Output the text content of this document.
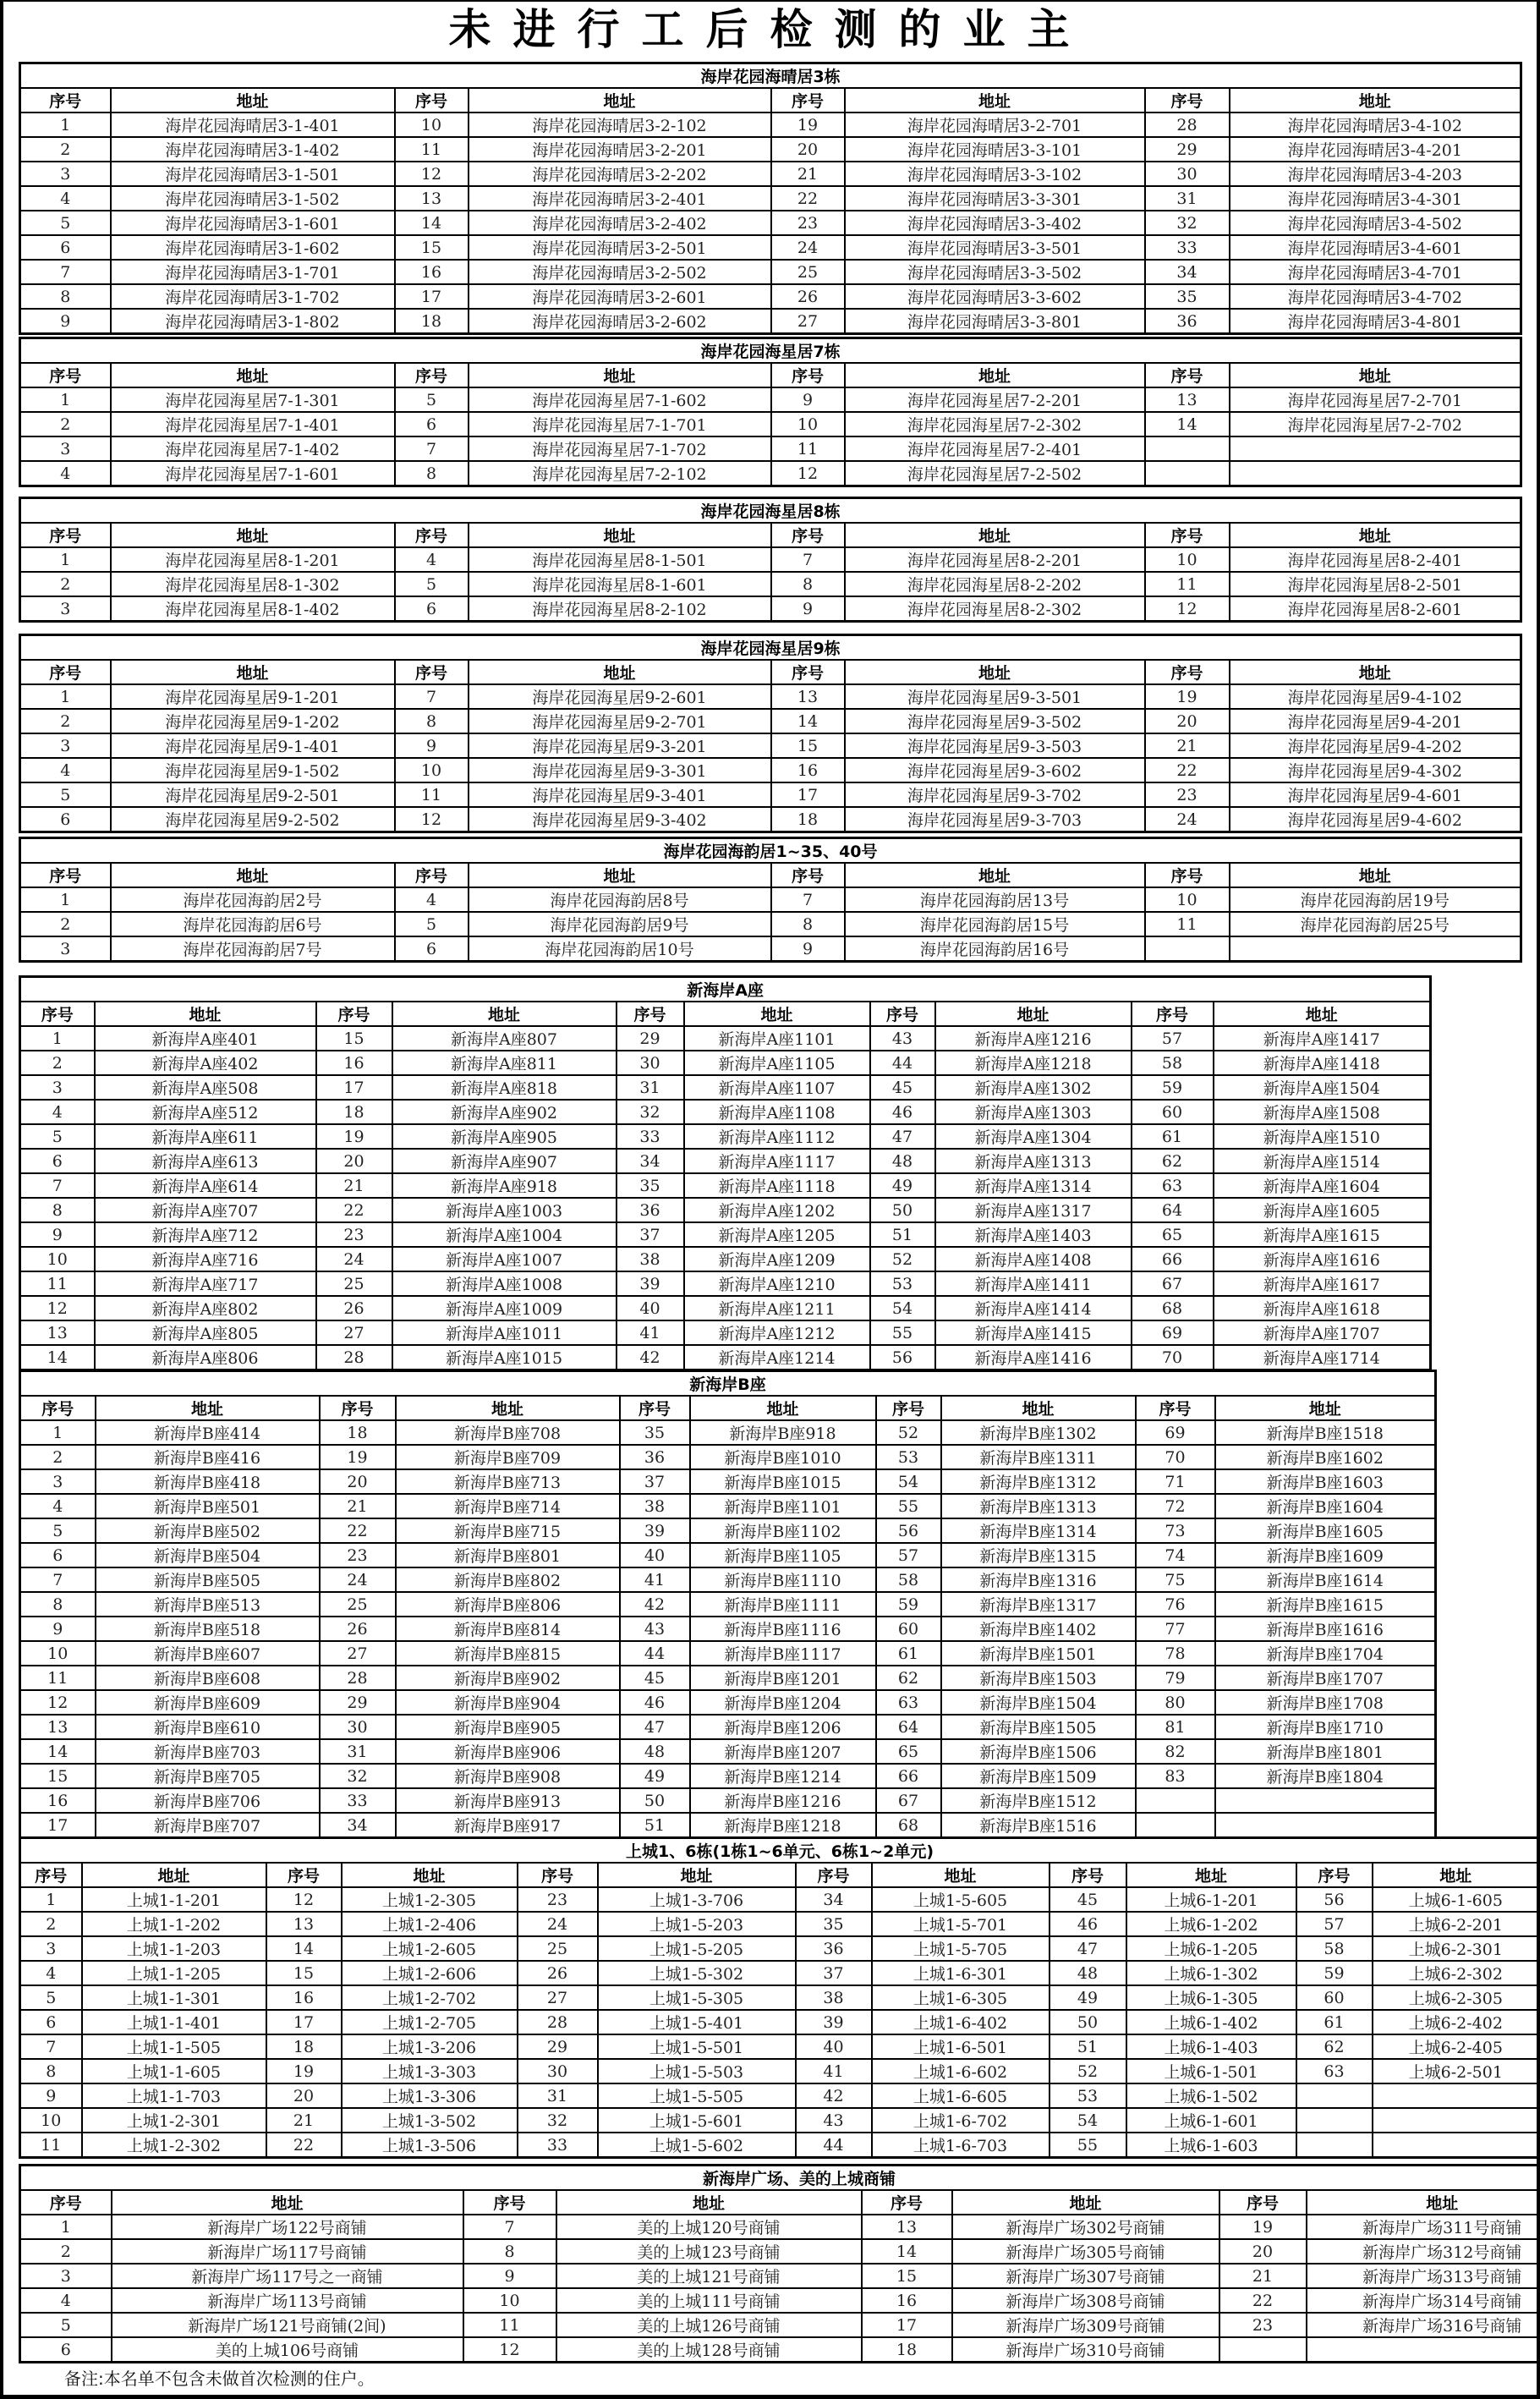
未进行工后检测的业主
海岸花园海晴居3栋							
序号	地址	序号	地址	序号	地址	序号	地址
1	海岸花园海晴居3-1-401	10	海岸花园海晴居3-2-102	19	海岸花园海晴居3-2-701	28	海岸花园海晴居3-4-102
2	海岸花园海晴居3-1-402	11	海岸花园海晴居3-2-201	20	海岸花园海晴居3-3-101	29	海岸花园海晴居3-4-201
3	海岸花园海晴居3-1-501	12	海岸花园海晴居3-2-202	21	海岸花园海晴居3-3-102	30	海岸花园海晴居3-4-203
4	海岸花园海晴居3-1-502	13	海岸花园海晴居3-2-401	22	海岸花园海晴居3-3-301	31	海岸花园海晴居3-4-301
5	海岸花园海晴居3-1-601	14	海岸花园海晴居3-2-402	23	海岸花园海晴居3-3-402	32	海岸花园海晴居3-4-502
6	海岸花园海晴居3-1-602	15	海岸花园海晴居3-2-501	24	海岸花园海晴居3-3-501	33	海岸花园海晴居3-4-601
7	海岸花园海晴居3-1-701	16	海岸花园海晴居3-2-502	25	海岸花园海晴居3-3-502	34	海岸花园海晴居3-4-701
8	海岸花园海晴居3-1-702	17	海岸花园海晴居3-2-601	26	海岸花园海晴居3-3-602	35	海岸花园海晴居3-4-702
9	海岸花园海晴居3-1-802	18	海岸花园海晴居3-2-602	27	海岸花园海晴居3-3-801	36	海岸花园海晴居3-4-801
海岸花园海星居7栋							
序号	地址	序号	地址	序号	地址	序号	地址
1	海岸花园海星居7-1-301	5	海岸花园海星居7-1-602	9	海岸花园海星居7-2-201	13	海岸花园海星居7-2-701
2	海岸花园海星居7-1-401	6	海岸花园海星居7-1-701	10	海岸花园海星居7-2-302	14	海岸花园海星居7-2-702
3	海岸花园海星居7-1-402	7	海岸花园海星居7-1-702	11	海岸花园海星居7-2-401		
4	海岸花园海星居7-1-601	8	海岸花园海星居7-2-102	12	海岸花园海星居7-2-502		
海岸花园海星居8栋							
序号	地址	序号	地址	序号	地址	序号	地址
1	海岸花园海星居8-1-201	4	海岸花园海星居8-1-501	7	海岸花园海星居8-2-201	10	海岸花园海星居8-2-401
2	海岸花园海星居8-1-302	5	海岸花园海星居8-1-601	8	海岸花园海星居8-2-202	11	海岸花园海星居8-2-501
3	海岸花园海星居8-1-402	6	海岸花园海星居8-2-102	9	海岸花园海星居8-2-302	12	海岸花园海星居8-2-601
海岸花园海星居9栋							
序号	地址	序号	地址	序号	地址	序号	地址
1	海岸花园海星居9-1-201	7	海岸花园海星居9-2-601	13	海岸花园海星居9-3-501	19	海岸花园海星居9-4-102
2	海岸花园海星居9-1-202	8	海岸花园海星居9-2-701	14	海岸花园海星居9-3-502	20	海岸花园海星居9-4-201
3	海岸花园海星居9-1-401	9	海岸花园海星居9-3-201	15	海岸花园海星居9-3-503	21	海岸花园海星居9-4-202
4	海岸花园海星居9-1-502	10	海岸花园海星居9-3-301	16	海岸花园海星居9-3-602	22	海岸花园海星居9-4-302
5	海岸花园海星居9-2-501	11	海岸花园海星居9-3-401	17	海岸花园海星居9-3-702	23	海岸花园海星居9-4-601
6	海岸花园海星居9-2-502	12	海岸花园海星居9-3-402	18	海岸花园海星居9-3-703	24	海岸花园海星居9-4-602
海岸花园海韵居1~35、40号							
序号	地址	序号	地址	序号	地址	序号	地址
1	海岸花园海韵居2号	4	海岸花园海韵居8号	7	海岸花园海韵居13号	10	海岸花园海韵居19号
2	海岸花园海韵居6号	5	海岸花园海韵居9号	8	海岸花园海韵居15号	11	海岸花园海韵居25号
3	海岸花园海韵居7号	6	海岸花园海韵居10号	9	海岸花园海韵居16号		
新海岸A座									
序号	地址	序号	地址	序号	地址	序号	地址	序号	地址
1	新海岸A座401	15	新海岸A座807	29	新海岸A座1101	43	新海岸A座1216	57	新海岸A座1417
2	新海岸A座402	16	新海岸A座811	30	新海岸A座1105	44	新海岸A座1218	58	新海岸A座1418
3	新海岸A座508	17	新海岸A座818	31	新海岸A座1107	45	新海岸A座1302	59	新海岸A座1504
4	新海岸A座512	18	新海岸A座902	32	新海岸A座1108	46	新海岸A座1303	60	新海岸A座1508
5	新海岸A座611	19	新海岸A座905	33	新海岸A座1112	47	新海岸A座1304	61	新海岸A座1510
6	新海岸A座613	20	新海岸A座907	34	新海岸A座1117	48	新海岸A座1313	62	新海岸A座1514
7	新海岸A座614	21	新海岸A座918	35	新海岸A座1118	49	新海岸A座1314	63	新海岸A座1604
8	新海岸A座707	22	新海岸A座1003	36	新海岸A座1202	50	新海岸A座1317	64	新海岸A座1605
9	新海岸A座712	23	新海岸A座1004	37	新海岸A座1205	51	新海岸A座1403	65	新海岸A座1615
10	新海岸A座716	24	新海岸A座1007	38	新海岸A座1209	52	新海岸A座1408	66	新海岸A座1616
11	新海岸A座717	25	新海岸A座1008	39	新海岸A座1210	53	新海岸A座1411	67	新海岸A座1617
12	新海岸A座802	26	新海岸A座1009	40	新海岸A座1211	54	新海岸A座1414	68	新海岸A座1618
13	新海岸A座805	27	新海岸A座1011	41	新海岸A座1212	55	新海岸A座1415	69	新海岸A座1707
14	新海岸A座806	28	新海岸A座1015	42	新海岸A座1214	56	新海岸A座1416	70	新海岸A座1714
新海岸B座									
序号	地址	序号	地址	序号	地址	序号	地址	序号	地址
1	新海岸B座414	18	新海岸B座708	35	新海岸B座918	52	新海岸B座1302	69	新海岸B座1518
2	新海岸B座416	19	新海岸B座709	36	新海岸B座1010	53	新海岸B座1311	70	新海岸B座1602
3	新海岸B座418	20	新海岸B座713	37	新海岸B座1015	54	新海岸B座1312	71	新海岸B座1603
4	新海岸B座501	21	新海岸B座714	38	新海岸B座1101	55	新海岸B座1313	72	新海岸B座1604
5	新海岸B座502	22	新海岸B座715	39	新海岸B座1102	56	新海岸B座1314	73	新海岸B座1605
6	新海岸B座504	23	新海岸B座801	40	新海岸B座1105	57	新海岸B座1315	74	新海岸B座1609
7	新海岸B座505	24	新海岸B座802	41	新海岸B座1110	58	新海岸B座1316	75	新海岸B座1614
8	新海岸B座513	25	新海岸B座806	42	新海岸B座1111	59	新海岸B座1317	76	新海岸B座1615
9	新海岸B座518	26	新海岸B座814	43	新海岸B座1116	60	新海岸B座1402	77	新海岸B座1616
10	新海岸B座607	27	新海岸B座815	44	新海岸B座1117	61	新海岸B座1501	78	新海岸B座1704
11	新海岸B座608	28	新海岸B座902	45	新海岸B座1201	62	新海岸B座1503	79	新海岸B座1707
12	新海岸B座609	29	新海岸B座904	46	新海岸B座1204	63	新海岸B座1504	80	新海岸B座1708
13	新海岸B座610	30	新海岸B座905	47	新海岸B座1206	64	新海岸B座1505	81	新海岸B座1710
14	新海岸B座703	31	新海岸B座906	48	新海岸B座1207	65	新海岸B座1506	82	新海岸B座1801
15	新海岸B座705	32	新海岸B座908	49	新海岸B座1214	66	新海岸B座1509	83	新海岸B座1804
16	新海岸B座706	33	新海岸B座913	50	新海岸B座1216	67	新海岸B座1512		
17	新海岸B座707	34	新海岸B座917	51	新海岸B座1218	68	新海岸B座1516		
上城1、6栋(1栋1~6单元、6栋1~2单元)											
序号	地址	序号	地址	序号	地址	序号	地址	序号	地址	序号	地址
1	上城1-1-201	12	上城1-2-305	23	上城1-3-706	34	上城1-5-605	45	上城6-1-201	56	上城6-1-605
2	上城1-1-202	13	上城1-2-406	24	上城1-5-203	35	上城1-5-701	46	上城6-1-202	57	上城6-2-201
3	上城1-1-203	14	上城1-2-605	25	上城1-5-205	36	上城1-5-705	47	上城6-1-205	58	上城6-2-301
4	上城1-1-205	15	上城1-2-606	26	上城1-5-302	37	上城1-6-301	48	上城6-1-302	59	上城6-2-302
5	上城1-1-301	16	上城1-2-702	27	上城1-5-305	38	上城1-6-305	49	上城6-1-305	60	上城6-2-305
6	上城1-1-401	17	上城1-2-705	28	上城1-5-401	39	上城1-6-402	50	上城6-1-402	61	上城6-2-402
7	上城1-1-505	18	上城1-3-206	29	上城1-5-501	40	上城1-6-501	51	上城6-1-403	62	上城6-2-405
8	上城1-1-605	19	上城1-3-303	30	上城1-5-503	41	上城1-6-602	52	上城6-1-501	63	上城6-2-501
9	上城1-1-703	20	上城1-3-306	31	上城1-5-505	42	上城1-6-605	53	上城6-1-502		
10	上城1-2-301	21	上城1-3-502	32	上城1-5-601	43	上城1-6-702	54	上城6-1-601		
11	上城1-2-302	22	上城1-3-506	33	上城1-5-602	44	上城1-6-703	55	上城6-1-603		
新海岸广场、美的上城商铺							
序号	地址	序号	地址	序号	地址	序号	地址
1	新海岸广场122号商铺	7	美的上城120号商铺	13	新海岸广场302号商铺	19	新海岸广场311号商铺
2	新海岸广场117号商铺	8	美的上城123号商铺	14	新海岸广场305号商铺	20	新海岸广场312号商铺
3	新海岸广场117号之一商铺	9	美的上城121号商铺	15	新海岸广场307号商铺	21	新海岸广场313号商铺
4	新海岸广场113号商铺	10	美的上城111号商铺	16	新海岸广场308号商铺	22	新海岸广场314号商铺
5	新海岸广场121号商铺(2间)	11	美的上城126号商铺	17	新海岸广场309号商铺	23	新海岸广场316号商铺
6	美的上城106号商铺	12	美的上城128号商铺	18	新海岸广场310号商铺		
备注:本名单不包含未做首次检测的住户。
